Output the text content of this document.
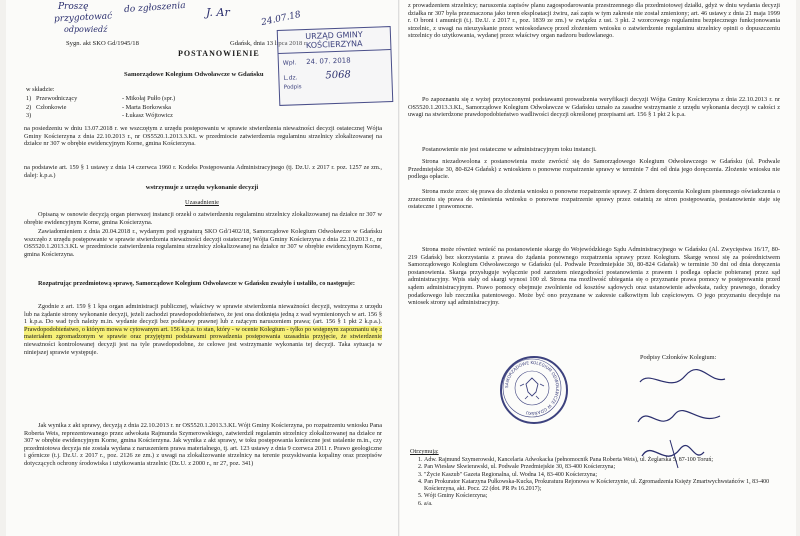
Proszę
przygotować
do zgłoszenia
odpowiedź
J. Ar	24.07.18
Sygn. akt SKO Gd/1945/18	Gdańsk, dnia 13 lipca 2018 r.
POSTANOWIENIE
Samorządowe Kolegium Odwoławcze w Gdańsku
URZĄD GMINY
KOŚCIERZYNA
Wpł. 24. 07. 2018
L.dz.	5068
Podpis
w składzie:
1) Przewodniczący	- Mikołaj Pułło (spr.)
2) Członkowie	- Marta Borkowska
3)	- Łukasz Wójtowicz
na posiedzeniu w dniu 13.07.2018 r. we wszczętym z urzędu postępowaniu w sprawie stwierdzenia nieważności decyzji ostatecznej Wójta Gminy Kościerzyna z dnia 22.10.2013 r., nr OS5520.1.2013.3.KL w przedmiocie zatwierdzenia regulaminu strzelnicy zlokalizowanej na działce nr 307 w obrębie ewidencyjnym Korne, gmina Kościerzyna.
na podstawie art. 159 § 1 ustawy z dnia 14 czerwca 1960 r. Kodeks Postępowania Administracyjnego (tj. Dz.U. z 2017 r. poz. 1257 ze zm., dalej: k.p.a.)
wstrzymuje z urzędu wykonanie decyzji
Uzasadnienie

Opisaną w osnowie decyzją organ pierwszej instancji orzekł o zatwierdzeniu regulaminu strzelnicy zlokalizowanej na działce nr 307 w obrębie ewidencyjnym Korne, gmina Kościerzyna.

Zawiadomieniem z dnia 20.04.2018 r., wydanym pod sygnaturą SKO Gd/1402/18, Samorządowe Kolegium Odwoławcze w Gdańsku wszczęło z urzędu postępowanie w sprawie stwierdzenia nieważności decyzji ostatecznej Wójta Gminy Kościerzyna z dnia 22.10.2013 r., nr OS5520.1.2013.3.KL w przedmiocie zatwierdzenia regulaminu strzelnicy zlokalizowanej na działce nr 307 w obrębie ewidencyjnym Korne, gmina Kościerzyna.

Rozpatrując przedmiotową sprawę, Samorządowe Kolegium Odwoławcze w Gdańsku zważyło i ustaliło, co następuje:

Zgodnie z art. 159 § 1 kpa organ administracji publicznej, właściwy w sprawie stwierdzenia nieważności decyzji, wstrzyma z urzędu lub na żądanie strony wykonanie decyzji, jeżeli zachodzi prawdopodobieństwo, że jest ona dotknięta jedną z wad wymienionych w art. 156 § 1 k.p.a. Do wad tych należy m.in. wydanie decyzji bez podstawy prawnej lub z rażącym naruszeniem prawa; (art. 156 § 1 pkt 2 k.p.a.). Prawdopodobieństwo, o którym mowa w cytowanym art. 156 k.p.a. to stan, który - w ocenie Kolegium - tylko po wstępnym zapoznaniu się z materiałem zgromadzonym w sprawie oraz przyjętymi podstawami prowadzenia postępowania uzasadnia przyjęcie, że stwierdzenie nieważności kontrolowanej decyzji jest na tyle prawdopodobne, że celowe jest wstrzymanie wykonania tej decyzji. Taka sytuacja w niniejszej sprawie występuje.

Jak wynika z akt sprawy, decyzją z dnia 22.10.2013 r. nr OS5520.1.2013.3.KL Wójt Gminy Kościerzyna, po rozpatrzeniu wniosku Pana Roberta Weis, reprezentowanego przez adwokata Rajmunda Szymerowskiego, zatwierdził regulamin strzelnicy zlokalizowanej na działce nr 307 w obrębie ewidencyjnym Korne, gmina Kościerzyna. Jak wynika z akt sprawy, w toku postępowania konieczne jest ustalenie m.in., czy przedmiotowa decyzja nie została wydana z naruszeniem prawa materialnego, tj. art. 123 ustawy z dnia 9 czerwca 2011 r. Prawo geologiczne i górnicze (t.j. Dz.U. z 2017 r., poz. 2126 ze zm.) z uwagi na zlokalizowanie strzelnicy na terenie pozyskiwania kopaliny oraz przepisów dotyczących ochrony środowiska i użytkowania strzelnic (Dz.U. z 2000 r., nr 27, poz. 341)

z prowadzeniem strzelnicy; naruszenia zapisów planu zagospodarowania przestrzennego dla przedmiotowej działki, gdyż w dniu wydania decyzji działka nr 307 była przeznaczona jako teren eksploatacji żwiru, zaś zapis w tym zakresie nie został zmieniony; art. 46 ustawy z dnia 21 maja 1999 r. O broni i amunicji (t.j. Dz.U. z 2017 r., poz. 1839 ze zm.) w związku z ust. 3 pkt. 2 wzorcowego regulaminu bezpiecznego funkcjonowania strzelnic, z uwagi na nieuzyskanie przez wnioskodawcę przed złożeniem wniosku o zatwierdzenie regulaminu strzelnicy opinii o dopuszczeniu strzelnicy do użytkowania, wydanej przez właściwy organ nadzoru budowlanego.

Po zapoznaniu się z wyżej przytoczonymi podstawami prowadzenia weryfikacji decyzji Wójta Gminy Kościerzyna z dnia 22.10.2013 r. nr OS5520.1.2013.3.KL, Samorządowe Kolegium Odwoławcze w Gdańsku uznało za zasadne wstrzymanie z urzędu wykonania decyzji w całości z uwagi na stwierdzone prawdopodobieństwo wadliwości decyzji określonej przepisami art. 156 § 1 pkt 2 k.p.a.

Postanowienie nie jest ostateczne w administracyjnym toku instancji.

Strona niezadowolona z postanowienia może zwrócić się do Samorządowego Kolegium Odwoławczego w Gdańsku (ul. Podwale Przedmiejskie 30, 80-824 Gdańsk) z wnioskiem o ponowne rozpatrzenie sprawy w terminie 7 dni od dnia jego doręczenia. Złożenie wniosku nie podlega opłacie.

Strona może zrzec się prawa do złożenia wniosku o ponowne rozpatrzenie sprawy. Z dniem doręczenia Kolegium pisemnego oświadczenia o zrzeczeniu się prawa do wniesienia wniosku o ponowne rozpatrzenie sprawy przez ostatnią ze stron postępowania, postanowienie staje się ostateczne i prawomocne.

Strona może również wnieść na postanowienie skargę do Wojewódzkiego Sądu Administracyjnego w Gdańsku (Al. Zwycięstwa 16/17, 80-219 Gdańsk) bez skorzystania z prawa do żądania ponownego rozpatrzenia sprawy przez Kolegium. Skargę wnosi się za pośrednictwem Samorządowego Kolegium Odwoławczego w Gdańsku (ul. Podwale Przedmiejskie 30, 80-824 Gdańsk) w terminie 30 dni od dnia doręczenia postanowienia. Skarga przysługuje wyłącznie pod zarzutem niezgodności postanowienia z prawem i podlega opłacie pobieranej przez sąd administracyjny. Wpis stały od skargi wynosi 100 zł. Strona ma możliwość ubiegania się o przyznanie prawa pomocy w postępowaniu przed sądem administracyjnym. Prawo pomocy obejmuje zwolnienie od kosztów sądowych oraz ustanowienie adwokata, radcy prawnego, doradcy podatkowego lub rzecznika patentowego. Może być ono przyznane w zakresie całkowitym lub częściowym. O jego przyznaniu decyduje na wniosek strony sąd administracyjny.

Podpisy Członków Kolegium:
SAMORZĄDOWE KOLEGIUM ODWOŁAWCZE W GDAŃSKU
Otrzymują:
1. Adw. Rajmund Szymerowski, Kancelaria Adwokacka (pełnomocnik Pana Roberta Weis), ul. Żeglarska 5, 87-100 Toruń;
2. Pan Wiesław Skwierawski, ul. Podwale Przedmiejskie 30, 83-400 Kościerzyna;
3. "Życie Kaszub" Gazeta Regionalna, ul. Wodna 14, 83-400 Kościerzyna;
4. Pan Prokurator Katarzyna Pułkowska-Kucka, Prokuratura Rejonowa w Kościerzynie, ul. Zgromadzenia Księży Zmartwychwstańców 1, 83-400 Kościerzyna, akt. Pocz. 22 (dot. PR Ps 16.2017);
5. Wójt Gminy Kościerzyna;
6. a/a.
